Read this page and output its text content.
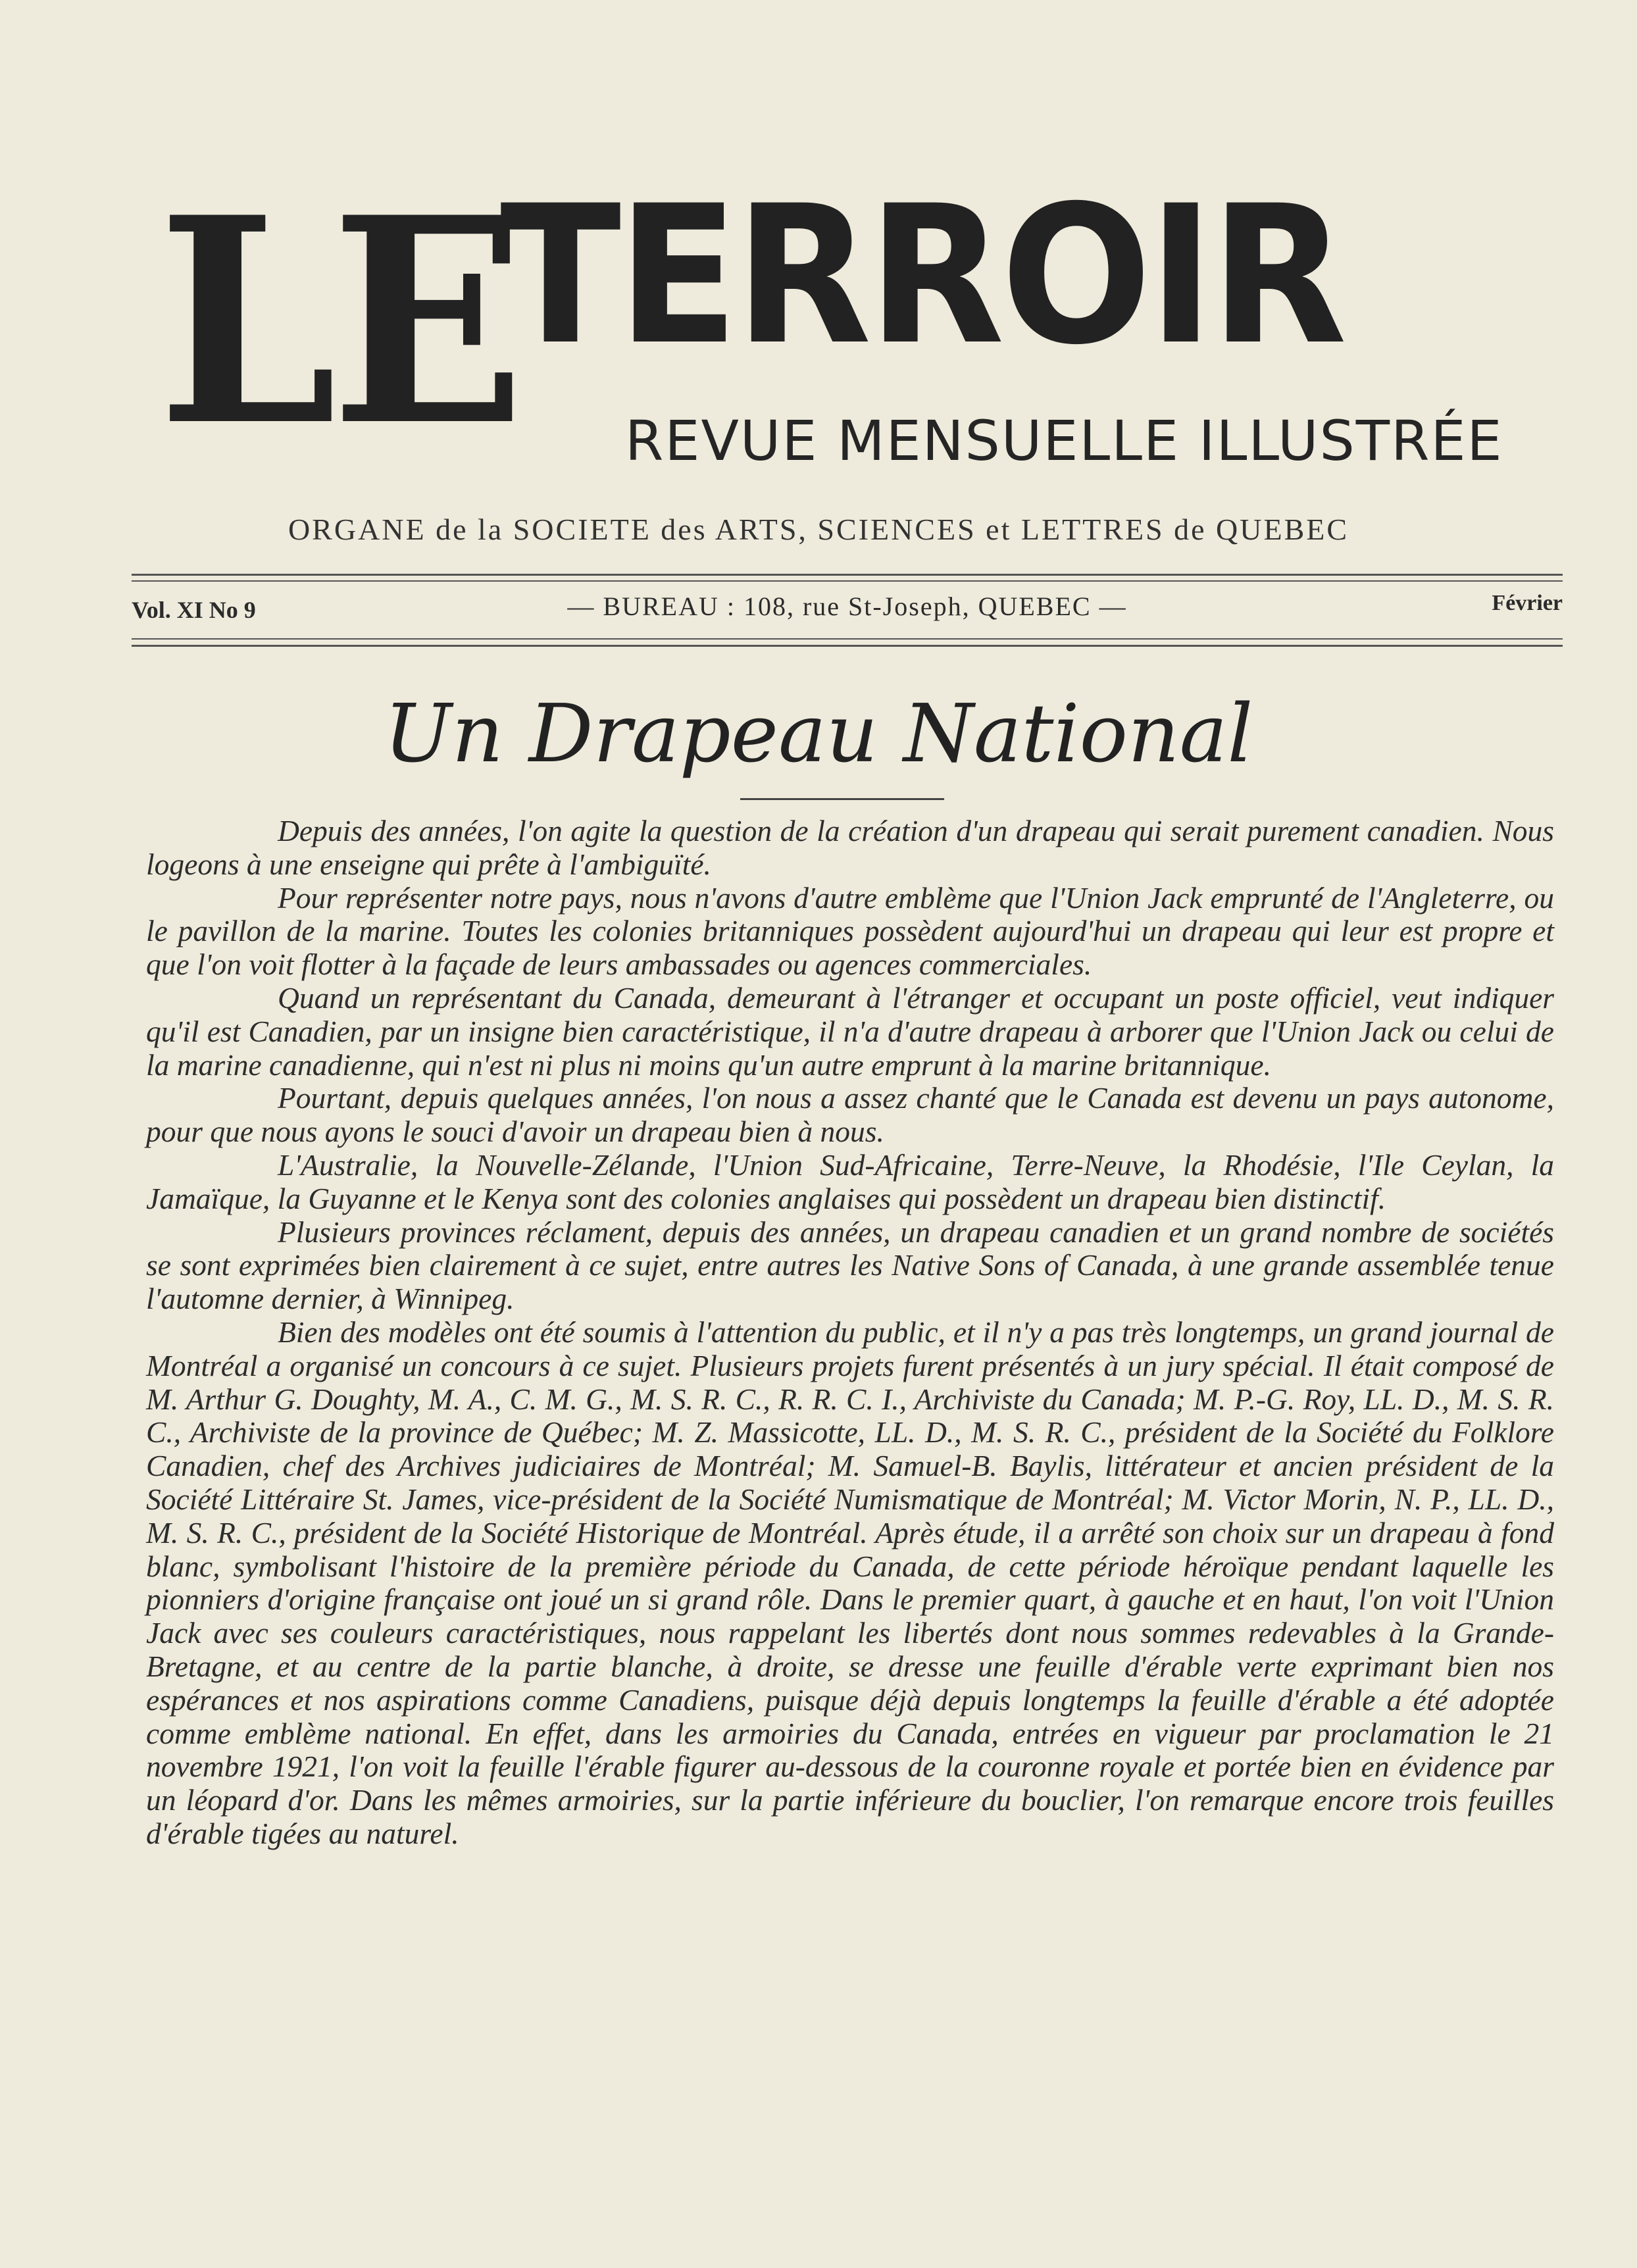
LE
TERROIR
REVUE MENSUELLE ILLUSTRÉE
ORGANE de la SOCIETE des ARTS, SCIENCES et LETTRES de QUEBEC
Vol. XI No 9	— BUREAU : 108, rue St-Joseph, QUEBEC —	Février
Un Drapeau National

Depuis des années, l'on agite la question de la création d'un drapeau qui serait purement canadien. Nous logeons à une enseigne qui prête à l'ambiguïté.

Pour représenter notre pays, nous n'avons d'autre emblème que l'Union Jack emprunté de l'Angleterre, ou le pavillon de la marine. Toutes les colonies britanniques possèdent aujourd'hui un drapeau qui leur est propre et que l'on voit flotter à la façade de leurs ambassades ou agences commerciales.

Quand un représentant du Canada, demeurant à l'étranger et occupant un poste officiel, veut indiquer qu'il est Canadien, par un insigne bien caractéristique, il n'a d'autre drapeau à arborer que l'Union Jack ou celui de la marine canadienne, qui n'est ni plus ni moins qu'un autre emprunt à la marine britannique.

Pourtant, depuis quelques années, l'on nous a assez chanté que le Canada est devenu un pays autonome, pour que nous ayons le souci d'avoir un drapeau bien à nous.

L'Australie, la Nouvelle-Zélande, l'Union Sud-Africaine, Terre-Neuve, la Rhodésie, l'Ile Ceylan, la Jamaïque, la Guyanne et le Kenya sont des colonies anglaises qui possèdent un drapeau bien distinctif.

Plusieurs provinces réclament, depuis des années, un drapeau canadien et un grand nombre de sociétés se sont exprimées bien clairement à ce sujet, entre autres les Native Sons of Canada, à une grande assemblée tenue l'automne dernier, à Winnipeg.

Bien des modèles ont été soumis à l'attention du public, et il n'y a pas très longtemps, un grand journal de Montréal a organisé un concours à ce sujet. Plusieurs projets furent présentés à un jury spécial. Il était composé de M. Arthur G. Doughty, M. A., C. M. G., M. S. R. C., R. R. C. I., Archiviste du Canada; M. P.-G. Roy, LL. D., M. S. R. C., Archiviste de la province de Québec; M. Z. Massicotte, LL. D., M. S. R. C., président de la Société du Folklore Canadien, chef des Archives judiciaires de Montréal; M. Samuel-B. Baylis, littérateur et ancien président de la Société Littéraire St. James, vice-président de la Société Numismatique de Montréal; M. Victor Morin, N. P., LL. D., M. S. R. C., président de la Société Historique de Montréal. Après étude, il a arrêté son choix sur un drapeau à fond blanc, symbolisant l'histoire de la première période du Canada, de cette période héroïque pendant laquelle les pionniers d'origine française ont joué un si grand rôle. Dans le premier quart, à gauche et en haut, l'on voit l'Union Jack avec ses couleurs caractéristiques, nous rappelant les libertés dont nous sommes redevables à la Grande-Bretagne, et au centre de la partie blanche, à droite, se dresse une feuille d'érable verte exprimant bien nos espérances et nos aspirations comme Canadiens, puisque déjà depuis longtemps la feuille d'érable a été adoptée comme emblème national. En effet, dans les armoiries du Canada, entrées en vigueur par proclamation le 21 novembre 1921, l'on voit la feuille l'érable figurer au-dessous de la couronne royale et portée bien en évidence par un léopard d'or. Dans les mêmes armoiries, sur la partie inférieure du bouclier, l'on remarque encore trois feuilles d'érable tigées au naturel.
